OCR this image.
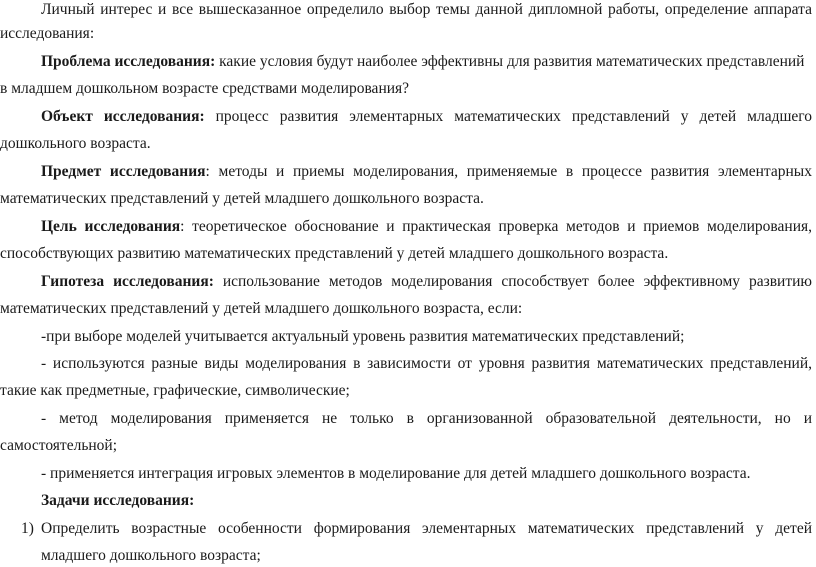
Личный интерес и все вышесказанное определило выбор темы данной дипломной работы, определение аппарата
исследования:
Проблема исследования: какие условия будут наиболее эффективны для развития математических представлений
в младшем дошкольном возрасте средствами моделирования?
Объект исследования: процесс развития элементарных математических представлений у детей младшего
дошкольного возраста.
Предмет исследования: методы и приемы моделирования, применяемые в процессе развития элементарных
математических представлений у детей младшего дошкольного возраста.
Цель исследования: теоретическое обоснование и практическая проверка методов и приемов моделирования,
способствующих развитию математических представлений у детей младшего дошкольного возраста.
Гипотеза исследования: использование методов моделирования способствует более эффективному развитию
математических представлений у детей младшего дошкольного возраста, если:
-при выборе моделей учитывается актуальный уровень развития математических представлений;
- используются разные виды моделирования в зависимости от уровня развития математических представлений,
такие как предметные, графические, символические;
- метод моделирования применяется не только в организованной образовательной деятельности, но и
самостоятельной;
- применяется интеграция игровых элементов в моделирование для детей младшего дошкольного возраста.
Задачи исследования:
1) Определить возрастные особенности формирования элементарных математических представлений у детей
младшего дошкольного возраста;
